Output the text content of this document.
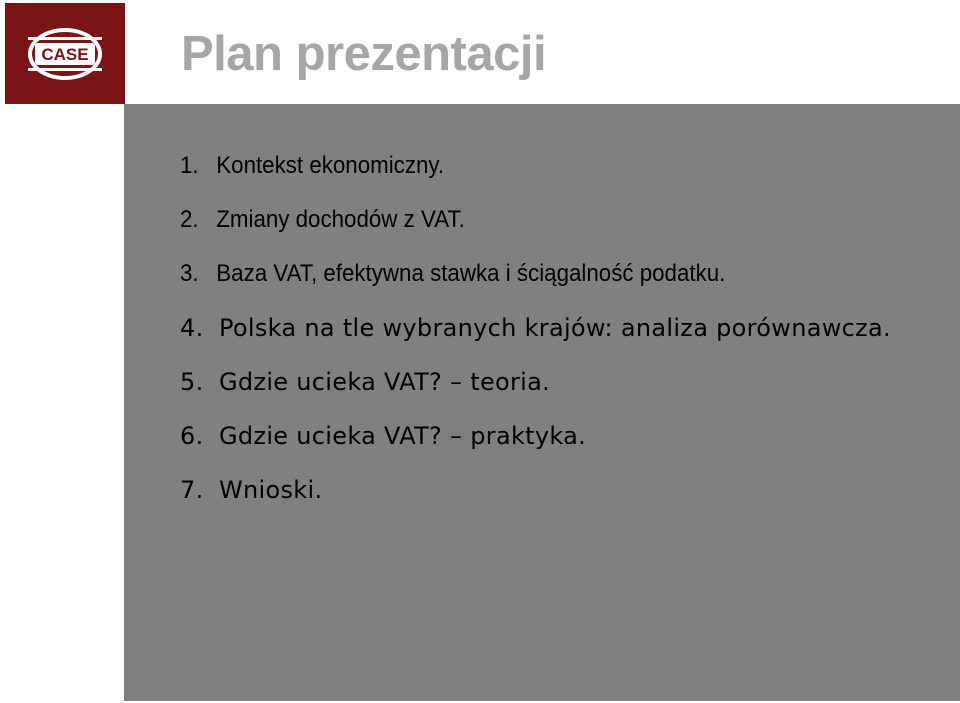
CASE Plan prezentacji
1. Kontekst ekonomiczny.
2. Zmiany dochodów z VAT.
3. Baza VAT, efektywna stawka i ściągalność podatku.
4. Polska na tle wybranych krajów: analiza porównawcza.
5. Gdzie ucieka VAT? – teoria.
6. Gdzie ucieka VAT? – praktyka.
7. Wnioski.
